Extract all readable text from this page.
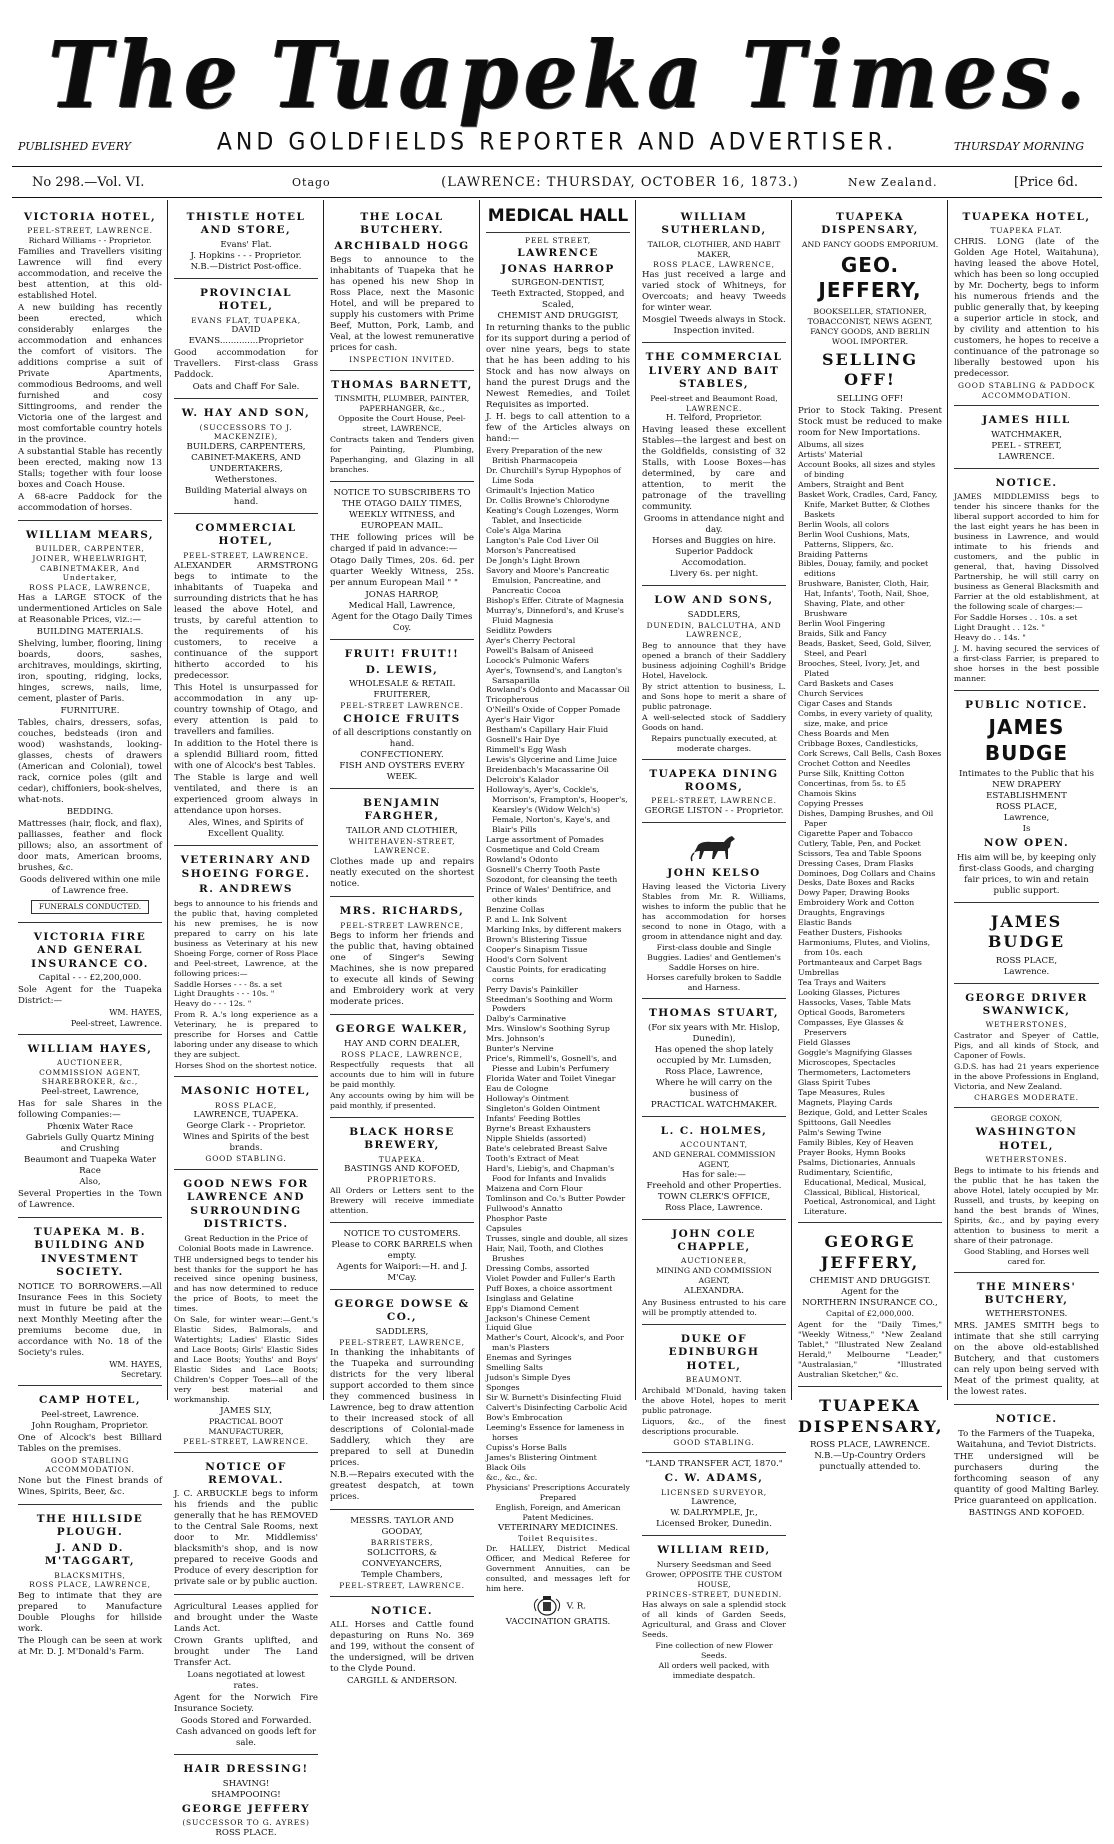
The Tuapeka Times.
PUBLISHED EVERY	AND GOLDFIELDS REPORTER AND ADVERTISER.	THURSDAY MORNING
No 298.—Vol. VI.	Otago	(LAWRENCE: THURSDAY, OCTOBER 16, 1873.)	New Zealand.	[Price 6d.
VICTORIA HOTEL,
PEEL-STREET, LAWRENCE.
Richard Williams - - Proprietor.
Families and Travellers visiting Lawrence will find every accommodation, and receive the best attention, at this old-established Hotel.
A new building has recently been erected, which considerably enlarges the accommodation and enhances the comfort of visitors. The additions comprise a suit of Private Apartments, commodious Bedrooms, and well furnished and cosy Sittingrooms, and render the Victoria one of the largest and most comfortable country hotels in the province.
A substantial Stable has recently been erected, making now 13 Stalls; together with four loose boxes and Coach House.
A 68-acre Paddock for the accommodation of horses.
WILLIAM MEARS,
BUILDER, CARPENTER, JOINER, WHEELWRIGHT, CABINETMAKER, And Undertaker,
ROSS PLACE, LAWRENCE,
Has a LARGE STOCK of the undermentioned Articles on Sale at Reasonable Prices, viz.:—
BUILDING MATERIALS.
Shelving, lumber, flooring, lining boards, doors, sashes, architraves, mouldings, skirting, iron, spouting, ridging, locks, hinges, screws, nails, lime, cement, plaster of Paris.
FURNITURE.
Tables, chairs, dressers, sofas, couches, bedsteads (iron and wood) washstands, looking-glasses, chests of drawers (American and Colonial), towel rack, cornice poles (gilt and cedar), chiffoniers, book-shelves, what-nots.
BEDDING.
Mattresses (hair, flock, and flax), palliasses, feather and flock pillows; also, an assortment of door mats, American brooms, brushes, &c.
Goods delivered within one mile of Lawrence free.
FUNERALS CONDUCTED.
VICTORIA FIRE AND GENERAL INSURANCE CO.
Capital - - - £2,200,000.
Sole Agent for the Tuapeka District:—
WM. HAYES,
Peel-street, Lawrence.
WILLIAM HAYES,
AUCTIONEER,
COMMISSION AGENT, SHAREBROKER, &c.,
Peel-street, Lawrence,
Has for sale Shares in the following Companies:—
Phœnix Water Race
Gabriels Gully Quartz Mining and Crushing
Beaumont and Tuapeka Water Race
Also,
Several Properties in the Town of Lawrence.
TUAPEKA M. B. BUILDING AND INVESTMENT SOCIETY.
NOTICE TO BORROWERS.—All Insurance Fees in this Society must in future be paid at the next Monthly Meeting after the premiums become due, in accordance with No. 18 of the Society's rules.
WM. HAYES,
Secretary.
CAMP HOTEL,
Peel-street, Lawrence.
John Rougham, Proprietor.
One of Alcock's best Billiard Tables on the premises.
GOOD STABLING ACCOMMODATION.
None but the Finest brands of Wines, Spirits, Beer, &c.
THE HILLSIDE PLOUGH.
J. AND D. M'TAGGART,
BLACKSMITHS,
ROSS PLACE, LAWRENCE,
Beg to intimate that they are prepared to Manufacture Double Ploughs for hillside work.
The Plough can be seen at work at Mr. D. J. M'Donald's Farm.
THISTLE HOTEL AND STORE,
Evans' Flat.
J. Hopkins - - - Proprietor.
N.B.—District Post-office.
PROVINCIAL HOTEL,
EVANS FLAT, TUAPEKA,
DAVID EVANS..............Proprietor
Good accommodation for Travellers. First-class Grass Paddock.
Oats and Chaff For Sale.
W. HAY AND SON,
(SUCCESSORS TO J. MACKENZIE),
BUILDERS, CARPENTERS, CABINET-MAKERS, AND UNDERTAKERS,
Wetherstones.
Building Material always on hand.
COMMERCIAL HOTEL,
PEEL-STREET, LAWRENCE.
ALEXANDER ARMSTRONG begs to intimate to the inhabitants of Tuapeka and surrounding districts that he has leased the above Hotel, and trusts, by careful attention to the requirements of his customers, to receive a continuance of the support hitherto accorded to his predecessor.
This Hotel is unsurpassed for accommodation in any up-country township of Otago, and every attention is paid to travellers and families.
In addition to the Hotel there is a splendid Billiard room, fitted with one of Alcock's best Tables.
The Stable is large and well ventilated, and there is an experienced groom always in attendance upon horses.
Ales, Wines, and Spirits of Excellent Quality.
VETERINARY AND SHOEING FORGE.
R. ANDREWS
begs to announce to his friends and the public that, having completed his new premises, he is now prepared to carry on his late business as Veterinary at his new Shoeing Forge, corner of Ross Place and Peel-street, Lawrence, at the following prices:—
Saddle Horses - - - 8s. a set
Light Draughts - - - 10s. "
Heavy do - - - 12s. "
From R. A.'s long experience as a Veterinary, he is prepared to prescribe for Horses and Cattle laboring under any disease to which they are subject.
Horses Shod on the shortest notice.
MASONIC HOTEL,
ROSS PLACE,
LAWRENCE, TUAPEKA.
George Clark - - Proprietor.
Wines and Spirits of the best brands.
GOOD STABLING.
GOOD NEWS FOR LAWRENCE AND SURROUNDING DISTRICTS.
Great Reduction in the Price of Colonial Boots made in Lawrence.
THE undersigned begs to tender his best thanks for the support he has received since opening business, and has now determined to reduce the price of Boots, to meet the times.
On Sale, for winter wear:—Gent.'s Elastic Sides, Balmorals, and Watertights; Ladies' Elastic Sides and Lace Boots; Girls' Elastic Sides and Lace Boots; Youths' and Boys' Elastic Sides and Lace Boots; Children's Copper Toes—all of the very best material and workmanship.
JAMES SLY,
PRACTICAL BOOT MANUFACTURER,
PEEL-STREET, LAWRENCE.
NOTICE OF REMOVAL.
J. C. ARBUCKLE begs to inform his friends and the public generally that he has REMOVED to the Central Sale Rooms, next door to Mr. Middlemiss' blacksmith's shop, and is now prepared to receive Goods and Produce of every description for private sale or by public auction.
Agricultural Leases applied for and brought under the Waste Lands Act.
Crown Grants uplifted, and brought under The Land Transfer Act.
Loans negotiated at lowest rates.
Agent for the Norwich Fire Insurance Society.
Goods Stored and Forwarded.
Cash advanced on goods left for sale.
HAIR DRESSING!
SHAVING!
SHAMPOOING!
GEORGE JEFFERY
(SUCCESSOR TO G. AYRES)
ROSS PLACE.
THE LOCAL BUTCHERY.
ARCHIBALD HOGG
Begs to announce to the inhabitants of Tuapeka that he has opened his new Shop in Ross Place, next the Masonic Hotel, and will be prepared to supply his customers with Prime Beef, Mutton, Pork, Lamb, and Veal, at the lowest remunerative prices for cash.
INSPECTION INVITED.
THOMAS BARNETT,
TINSMITH, PLUMBER, PAINTER, PAPERHANGER, &c.,
Opposite the Court House, Peel-street, LAWRENCE,
Contracts taken and Tenders given for Painting, Plumbing, Paperhanging, and Glazing in all branches.
NOTICE TO SUBSCRIBERS TO THE OTAGO DAILY TIMES, WEEKLY WITNESS, and EUROPEAN MAIL.
THE following prices will be charged if paid in advance:—
Otago Daily Times, 20s. 6d. per quarter Weekly Witness, 25s. per annum European Mail " "
JONAS HARROP,
Medical Hall, Lawrence,
Agent for the Otago Daily Times Coy.
FRUIT! FRUIT!!
D. LEWIS,
WHOLESALE & RETAIL FRUITERER,
PEEL-STREET LAWRENCE.
CHOICE FRUITS
of all descriptions constantly on hand.
CONFECTIONERY.
FISH AND OYSTERS EVERY WEEK.
BENJAMIN FARGHER,
TAILOR AND CLOTHIER,
WHITEHAVEN-STREET, LAWRENCE.
Clothes made up and repairs neatly executed on the shortest notice.
MRS. RICHARDS,
PEEL-STREET LAWRENCE,
Begs to inform her friends and the public that, having obtained one of Singer's Sewing Machines, she is now prepared to execute all kinds of Sewing and Embroidery work at very moderate prices.
GEORGE WALKER,
HAY AND CORN DEALER,
ROSS PLACE, LAWRENCE,
Respectfully requests that all accounts due to him will in future be paid monthly.
Any accounts owing by him will be paid monthly, if presented.
BLACK HORSE BREWERY,
TUAPEKA.
BASTINGS AND KOFOED,
PROPRIETORS.
All Orders or Letters sent to the Brewery will receive immediate attention.
NOTICE TO CUSTOMERS.
Please to CORK BARRELS when empty.
Agents for Waipori:—H. and J. M'Cay.
GEORGE DOWSE & CO.,
SADDLERS,
PEEL-STREET, LAWRENCE,
In thanking the inhabitants of the Tuapeka and surrounding districts for the very liberal support accorded to them since they commenced business in Lawrence, beg to draw attention to their increased stock of all descriptions of Colonial-made Saddlery, which they are prepared to sell at Dunedin prices.
N.B.—Repairs executed with the greatest despatch, at town prices.
MESSRS. TAYLOR AND GOODAY,
BARRISTERS,
SOLICITORS, & CONVEYANCERS,
Temple Chambers,
PEEL-STREET, LAWRENCE.
NOTICE.
ALL Horses and Cattle found depasturing on Runs No. 369 and 199, without the consent of the undersigned, will be driven to the Clyde Pound.
CARGILL & ANDERSON.
MEDICAL HALL
PEEL STREET,
LAWRENCE
JONAS HARROP
SURGEON-DENTIST,
Teeth Extracted, Stopped, and Scaled,
CHEMIST AND DRUGGIST,
In returning thanks to the public for its support during a period of over nine years, begs to state that he has been adding to his Stock and has now always on hand the purest Drugs and the Newest Remedies, and Toilet Requisites as imported.
J. H. begs to call attention to a few of the Articles always on hand:—
Every Preparation of the new British Pharmacopeia
Dr. Churchill's Syrup Hypophos of Lime Soda
Grimault's Injection Matico
Dr. Collis Browne's Chlorodyne
Keating's Cough Lozenges, Worm Tablet, and Insecticide
Cole's Alga Marina
Langton's Pale Cod Liver Oil
Morson's Pancreatised
De Jongh's Light Brown
Savory and Moore's Pancreatic Emulsion, Pancreatine, and Pancreatic Cocoa
Bishop's Effer. Citrate of Magnesia
Murray's, Dinneford's, and Kruse's Fluid Magnesia
Seidlitz Powders
Ayer's Cherry Pectoral
Powell's Balsam of Aniseed
Locock's Pulmonic Wafers
Ayer's, Townsend's, and Langton's Sarsaparilla
Rowland's Odonto and Macassar Oil
Tricopherous
O'Neill's Oxide of Copper Pomade
Ayer's Hair Vigor
Bestham's Capillary Hair Fluid
Gosnell's Hair Dye
Rimmell's Egg Wash
Lewis's Glycerine and Lime Juice
Breidenbach's Macassarine Oil
Delcroix's Kalador
Holloway's, Ayer's, Cockle's, Morrison's, Frampton's, Hooper's, Kearsley's (Widow Welch's) Female, Norton's, Kaye's, and Blair's Pills
Large assortment of Pomades
Cosmetique and Cold Cream
Rowland's Odonto
Gosnell's Cherry Tooth Paste
Sozodont, for cleansing the teeth
Prince of Wales' Dentifrice, and other kinds
Benzine Collas
P. and L. Ink Solvent
Marking Inks, by different makers
Brown's Blistering Tissue
Cooper's Sinapism Tissue
Hood's Corn Solvent
Caustic Points, for eradicating corns
Perry Davis's Painkiller
Steedman's Soothing and Worm Powders
Dalby's Carminative
Mrs. Winslow's Soothing Syrup
Mrs. Johnson's
Bunter's Nervine
Price's, Rimmell's, Gosnell's, and Piesse and Lubin's Perfumery
Florida Water and Toilet Vinegar
Eau de Cologne
Holloway's Ointment
Singleton's Golden Ointment
Infants' Feeding Bottles
Byrne's Breast Exhausters
Nipple Shields (assorted)
Bate's celebrated Breast Salve
Tooth's Extract of Meat
Hard's, Liebig's, and Chapman's Food for Infants and Invalids
Maizena and Corn Flour
Tomlinson and Co.'s Butter Powder
Fullwood's Annatto
Phosphor Paste
Capsules
Trusses, single and double, all sizes
Hair, Nail, Tooth, and Clothes Brushes
Dressing Combs, assorted
Violet Powder and Fuller's Earth
Puff Boxes, a choice assortment
Isinglass and Gelatine
Epp's Diamond Cement
Jackson's Chinese Cement
Liquid Glue
Mather's Court, Alcock's, and Poor man's Plasters
Enemas and Syringes
Smelling Salts
Judson's Simple Dyes
Sponges
Sir W. Burnett's Disinfecting Fluid
Calvert's Disinfecting Carbolic Acid
Bow's Embrocation
Leeming's Essence for lameness in horses
Cupiss's Horse Balls
James's Blistering Ointment
Black Oils
&c., &c., &c.
Physicians' Prescriptions Accurately Prepared
English, Foreign, and American Patent Medicines.
VETERINARY MEDICINES.
Toilet Requisites.
Dr. HALLEY, District Medical Officer, and Medical Referee for Government Annuities, can be consulted, and messages left for him here.
V. R.
VACCINATION GRATIS.
WILLIAM SUTHERLAND,
TAILOR, CLOTHIER, AND HABIT MAKER,
ROSS PLACE, LAWRENCE,
Has just received a large and varied stock of Whitneys, for Overcoats; and heavy Tweeds for winter wear.
Mosgiel Tweeds always in Stock.
Inspection invited.
THE COMMERCIAL LIVERY AND BAIT STABLES,
Peel-street and Beaumont Road,
LAWRENCE.
H. Telford, Proprietor.
Having leased these excellent Stables—the largest and best on the Goldfields, consisting of 32 Stalls, with Loose Boxes—has determined, by care and attention, to merit the patronage of the travelling community.
Grooms in attendance night and day.
Horses and Buggies on hire.
Superior Paddock Accomodation.
Livery 6s. per night.
LOW AND SONS,
SADDLERS,
DUNEDIN, BALCLUTHA, AND LAWRENCE,
Beg to announce that they have opened a branch of their Saddlery business adjoining Coghill's Bridge Hotel, Havelock.
By strict attention to business, L. and Sons hope to merit a share of public patronage.
A well-selected stock of Saddlery Goods on hand.
Repairs punctually executed, at moderate charges.
TUAPEKA DINING ROOMS,
PEEL-STREET, LAWRENCE.
GEORGE LISTON - - Proprietor.
JOHN KELSO
Having leased the Victoria Livery Stables from Mr. R. Williams, wishes to inform the public that he has accommodation for horses second to none in Otago, with a groom in attendance night and day.
First-class double and Single Buggies. Ladies' and Gentlemen's Saddle Horses on hire.
Horses carefully broken to Saddle and Harness.
THOMAS STUART,
(For six years with Mr. Hislop, Dunedin),
Has opened the shop lately occupied by Mr. Lumsden,
Ross Place, Lawrence,
Where he will carry on the business of
PRACTICAL WATCHMAKER.
L. C. HOLMES,
ACCOUNTANT,
AND GENERAL COMMISSION AGENT,
Has for sale:—
Freehold and other Properties.
TOWN CLERK'S OFFICE,
Ross Place, Lawrence.
JOHN COLE CHAPPLE,
AUCTIONEER,
MINING AND COMMISSION AGENT,
ALEXANDRA.
Any Business entrusted to his care will be promptly attended to.
DUKE OF EDINBURGH HOTEL,
BEAUMONT.
Archibald M'Donald, having taken the above Hotel, hopes to merit public patronage.
Liquors, &c., of the finest descriptions procurable.
GOOD STABLING.
"LAND TRANSFER ACT, 1870."
C. W. ADAMS,
LICENSED SURVEYOR,
Lawrence,
W. DALRYMPLE, Jr.,
Licensed Broker, Dunedin.
WILLIAM REID,
Nursery Seedsman and Seed Grower, OPPOSITE THE CUSTOM HOUSE,
PRINCES-STREET, DUNEDIN.
Has always on sale a splendid stock of all kinds of Garden Seeds, Agricultural, and Grass and Clover Seeds.
Fine collection of new Flower Seeds.
All orders well packed, with immediate despatch.
TUAPEKA DISPENSARY,
AND FANCY GOODS EMPORIUM.
GEO. JEFFERY,
BOOKSELLER, STATIONER, TOBACCONIST, NEWS AGENT,
FANCY GOODS, AND BERLIN WOOL IMPORTER.
SELLING OFF!
SELLING OFF!
Prior to Stock Taking. Present Stock must be reduced to make room for New Importations.
Albums, all sizes
Artists' Material
Account Books, all sizes and styles of binding
Ambers, Straight and Bent
Basket Work, Cradles, Card, Fancy, Knife, Market Butter, & Clothes Baskets
Berlin Wools, all colors
Berlin Wool Cushions, Mats, Patterns, Slippers, &c.
Braiding Patterns
Bibles, Douay, family, and pocket editions
Brushware, Banister, Cloth, Hair, Hat, Infants', Tooth, Nail, Shoe, Shaving, Plate, and other Brushware
Berlin Wool Fingering
Braids, Silk and Fancy
Beads, Basket, Seed, Gold, Silver, Steel, and Pearl
Brooches, Steel, Ivory, Jet, and Plated
Card Baskets and Cases
Church Services
Cigar Cases and Stands
Combs, in every variety of quality, size, make, and price
Chess Boards and Men
Cribbage Boxes, Candlesticks,
Cork Screws, Call Bells, Cash Boxes
Crochet Cotton and Needles
Purse Silk, Knitting Cotton
Concertinas, from 5s. to £5
Chamois Skins
Copying Presses
Dishes, Damping Brushes, and Oil Paper
Cigarette Paper and Tobacco
Cutlery, Table, Pen, and Pocket
Scissors, Tea and Table Spoons
Dressing Cases, Dram Flasks
Dominoes, Dog Collars and Chains
Desks, Date Boxes and Racks
Dowy Paper, Drawing Books
Embroidery Work and Cotton
Draughts, Engravings
Elastic Bands
Feather Dusters, Fishooks
Harmoniums, Flutes, and Violins, from 10s. each
Portmanteaux and Carpet Bags
Umbrellas
Tea Trays and Waiters
Looking Glasses, Pictures
Hassocks, Vases, Table Mats
Optical Goods, Barometers
Compasses, Eye Glasses & Preservers
Field Glasses
Goggle's Magnifying Glasses
Microscopes, Spectacles
Thermometers, Lactometers
Glass Spirit Tubes
Tape Measures, Rules
Magnets, Playing Cards
Bezique, Gold, and Letter Scales
Spittoons, Gall Needles
Palm's Sewing Twine
Family Bibles, Key of Heaven
Prayer Books, Hymn Books
Psalms, Dictionaries, Annuals
Rudimentary, Scientific, Educational, Medical, Musical, Classical, Biblical, Historical, Poetical, Astronomical, and Light Literature.
GEORGE JEFFERY,
CHEMIST AND DRUGGIST.
Agent for the
NORTHERN INSURANCE CO.,
Capital of £2,000,000.
Agent for the "Daily Times," "Weekly Witness," "New Zealand Tablet," "Illustrated New Zealand Herald," Melbourne "Leader," "Australasian," "Illustrated Australian Sketcher," &c.
TUAPEKA DISPENSARY,
ROSS PLACE, LAWRENCE.
N.B.—Up-Country Orders punctually attended to.
TUAPEKA HOTEL,
TUAPEKA FLAT.
CHRIS. LONG (late of the Golden Age Hotel, Waitahuna), having leased the above Hotel, which has been so long occupied by Mr. Docherty, begs to inform his numerous friends and the public generally that, by keeping a superior article in stock, and by civility and attention to his customers, he hopes to receive a continuance of the patronage so liberally bestowed upon his predecessor.
GOOD STABLING & PADDOCK ACCOMMODATION.
JAMES HILL
WATCHMAKER,
PEEL - STREET,
LAWRENCE.
NOTICE.
JAMES MIDDLEMISS begs to tender his sincere thanks for the liberal support accorded to him for the last eight years he has been in business in Lawrence, and would intimate to his friends and customers, and the public in general, that, having Dissolved Partnership, he will still carry on business as General Blacksmith and Farrier at the old establishment, at the following scale of charges:—
For Saddle Horses . . 10s. a set
Light Draught . . 12s. "
Heavy do . . 14s. "
J. M. having secured the services of a first-class Farrier, is prepared to shoe horses in the best possible manner.
PUBLIC NOTICE.
JAMES BUDGE
Intimates to the Public that his
NEW DRAPERY ESTABLISHMENT
ROSS PLACE,
Lawrence,
Is
NOW OPEN.
His aim will be, by keeping only first-class Goods, and charging fair prices, to win and retain public support.
JAMES BUDGE
ROSS PLACE,
Lawrence.
GEORGE DRIVER SWANWICK,
WETHERSTONES,
Castrator and Speyer of Cattle, Pigs, and all kinds of Stock, and Caponer of Fowls.
G.D.S. has had 21 years experience in the above Professions in England, Victoria, and New Zealand.
CHARGES MODERATE.
GEORGE COXON,
WASHINGTON HOTEL,
WETHERSTONES.
Begs to intimate to his friends and the public that he has taken the above Hotel, lately occupied by Mr. Russell, and trusts, by keeping on hand the best brands of Wines, Spirits, &c., and by paying every attention to business to merit a share of their patronage.
Good Stabling, and Horses well cared for.
THE MINERS' BUTCHERY,
WETHERSTONES.
MRS. JAMES SMITH begs to intimate that she still carrying on the above old-established Butchery, and that customers can rely upon being served with Meat of the primest quality, at the lowest rates.
NOTICE.
To the Farmers of the Tuapeka, Waitahuna, and Teviot Districts.
THE undersigned will be purchasers during the forthcoming season of any quantity of good Malting Barley. Price guaranteed on application.
BASTINGS AND KOFOED.
